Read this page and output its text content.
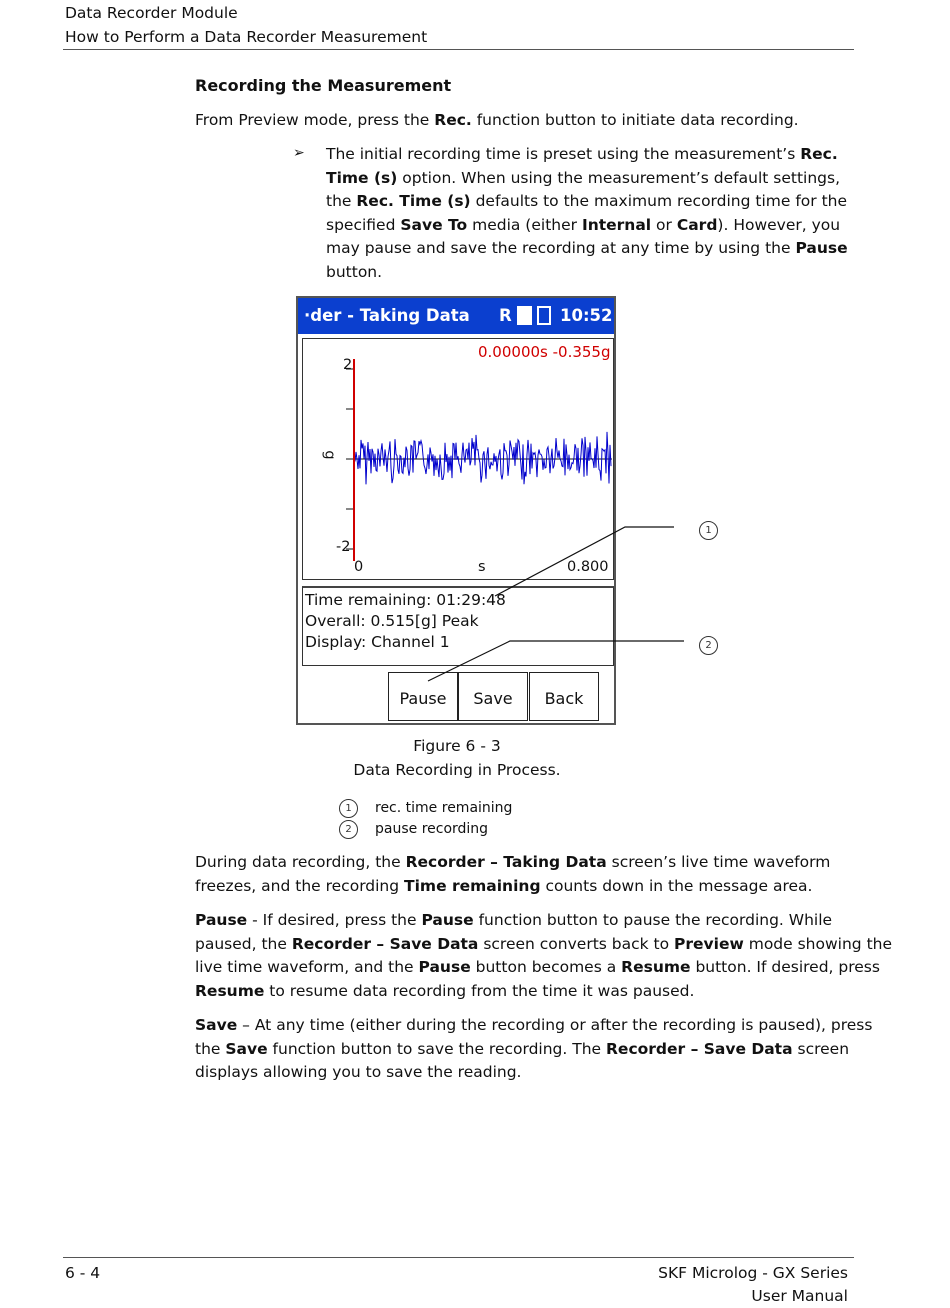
Data Recorder Module
How to Perform a Data Recorder Measurement
Recording the Measurement
From Preview mode, press the Rec. function button to initiate data recording.
➢ The initial recording time is preset using the measurement’s Rec.
Time (s) option. When using the measurement’s default settings,
the Rec. Time (s) defaults to the maximum recording time for the
specified Save To media (either Internal or Card). However, you
may pause and save the recording at any time by using the Pause
button.
·der - Taking Data R	10:52
0.00000s -0.355g
2
g
-2
0	s	0.800
Time remaining: 01:29:48
Overall: 0.515[g] Peak
Display: Channel 1
Pause	Save	Back
1
2
Figure 6 - 3
Data Recording in Process.
1	rec. time remaining
2	pause recording
During data recording, the Recorder – Taking Data screen’s live time waveform
freezes, and the recording Time remaining counts down in the message area.
Pause - If desired, press the Pause function button to pause the recording. While
paused, the Recorder – Save Data screen converts back to Preview mode showing the
live time waveform, and the Pause button becomes a Resume button. If desired, press
Resume to resume data recording from the time it was paused.
Save – At any time (either during the recording or after the recording is paused), press
the Save function button to save the recording. The Recorder – Save Data screen
displays allowing you to save the reading.
6 - 4	SKF Microlog - GX Series
User Manual
